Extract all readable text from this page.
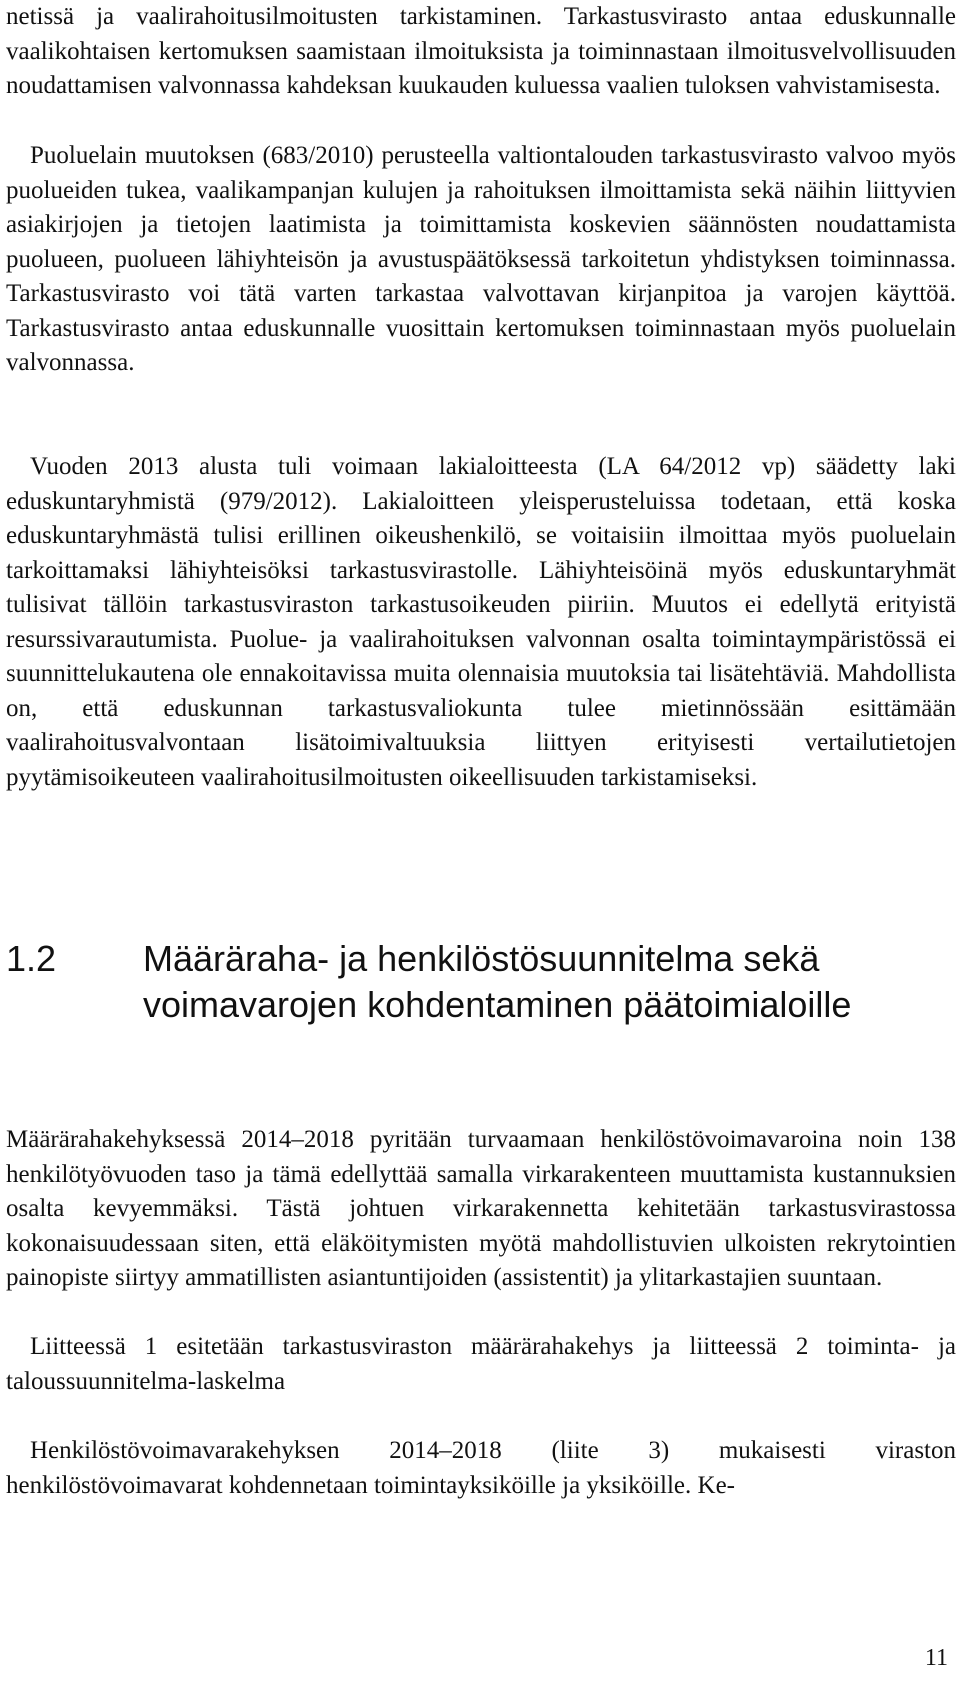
netissä ja vaalirahoitusilmoitusten tarkistaminen. Tarkastusvirasto antaa eduskunnalle vaalikohtaisen kertomuksen saamistaan ilmoituksista ja toiminnastaan ilmoitusvelvollisuuden noudattamisen valvonnassa kahdeksan kuukauden kuluessa vaalien tuloksen vahvistamisesta.

Puoluelain muutoksen (683/2010) perusteella valtiontalouden tarkastusvirasto valvoo myös puolueiden tukea, vaalikampanjan kulujen ja rahoituksen ilmoittamista sekä näihin liittyvien asiakirjojen ja tietojen laatimista ja toimittamista koskevien säännösten noudattamista puolueen, puolueen lähiyhteisön ja avustuspäätöksessä tarkoitetun yhdistyksen toiminnassa. Tarkastusvirasto voi tätä varten tarkastaa valvottavan kirjanpitoa ja varojen käyttöä. Tarkastusvirasto antaa eduskunnalle vuosittain kertomuksen toiminnastaan myös puoluelain valvonnassa.

Vuoden 2013 alusta tuli voimaan lakialoitteesta (LA 64/2012 vp) säädetty laki eduskuntaryhmistä (979/2012). Lakialoitteen yleisperusteluissa todetaan, että koska eduskuntaryhmästä tulisi erillinen oikeushenkilö, se voitaisiin ilmoittaa myös puoluelain tarkoittamaksi lähiyhteisöksi tarkastusvirastolle. Lähiyhteisöinä myös eduskuntaryhmät tulisivat tällöin tarkastusviraston tarkastusoikeuden piiriin. Muutos ei edellytä erityistä resurssivarautumista. Puolue- ja vaalirahoituksen valvonnan osalta toimintaympäristössä ei suunnittelukautena ole ennakoitavissa muita olennaisia muutoksia tai lisätehtäviä. Mahdollista on, että eduskunnan tarkastusvaliokunta tulee mietinnössään esittämään vaalirahoitusvalvontaan lisätoimivaltuuksia liittyen erityisesti vertailutietojen pyytämisoikeuteen vaalirahoitusilmoitusten oikeellisuuden tarkistamiseksi.

1.2 Määräraha- ja henkilöstösuunnitelma sekä voimavarojen kohdentaminen päätoimialoille

Määrärahakehyksessä 2014–2018 pyritään turvaamaan henkilöstövoimavaroina noin 138 henkilötyövuoden taso ja tämä edellyttää samalla virkarakenteen muuttamista kustannuksien osalta kevyemmäksi. Tästä johtuen virkarakennetta kehitetään tarkastusvirastossa kokonaisuudessaan siten, että eläköitymisten myötä mahdollistuvien ulkoisten rekrytointien painopiste siirtyy ammatillisten asiantuntijoiden (assistentit) ja ylitarkastajien suuntaan.

Liitteessä 1 esitetään tarkastusviraston määrärahakehys ja liitteessä 2 toiminta- ja taloussuunnitelma-laskelma

Henkilöstövoimavarakehyksen 2014–2018 (liite 3) mukaisesti viraston henkilöstövoimavarat kohdennetaan toimintayksiköille ja yksiköille. Ke-

11
